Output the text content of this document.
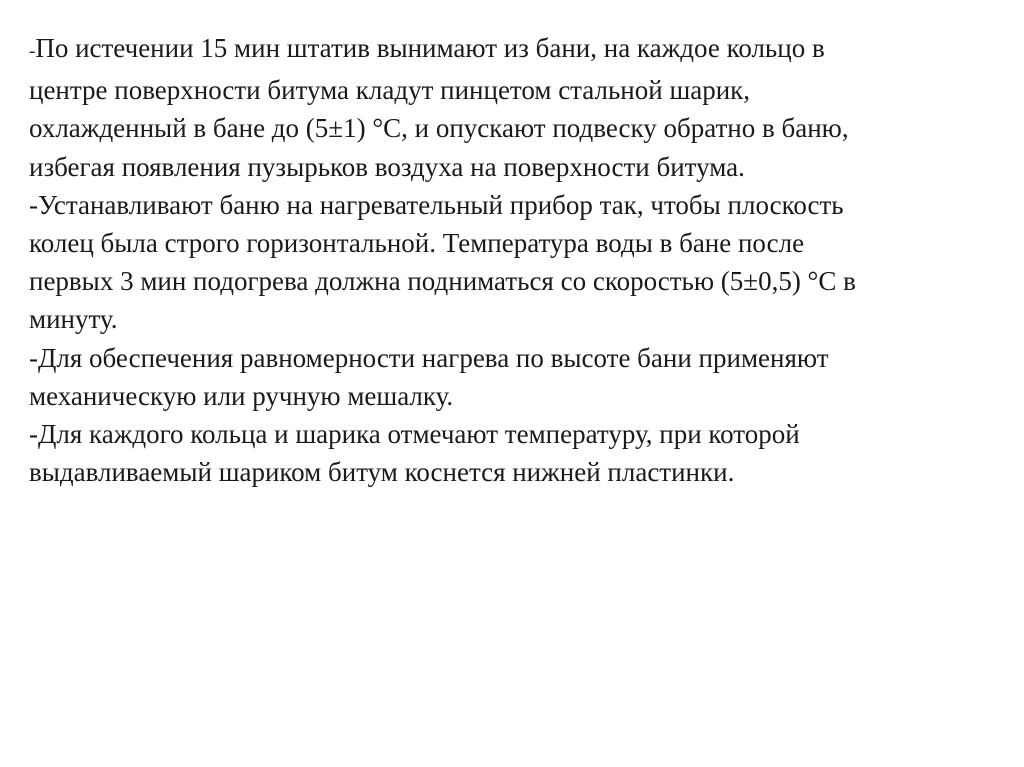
-По истечении 15 мин штатив вынимают из бани, на каждое кольцо в
центре поверхности битума кладут пинцетом стальной шарик,
охлажденный в бане до (5±1) °С, и опускают подвеску обратно в баню,
избегая появления пузырьков воздуха на поверхности битума.
-Устанавливают баню на нагревательный прибор так, чтобы плоскость
колец была строго горизонтальной. Температура воды в бане после
первых 3 мин подогрева должна подниматься со скоростью (5±0,5) °С в
минуту.
-Для обеспечения равномерности нагрева по высоте бани применяют
механическую или ручную мешалку.
-Для каждого кольца и шарика отмечают температуру, при которой
выдавливаемый шариком битум коснется нижней пластинки.
